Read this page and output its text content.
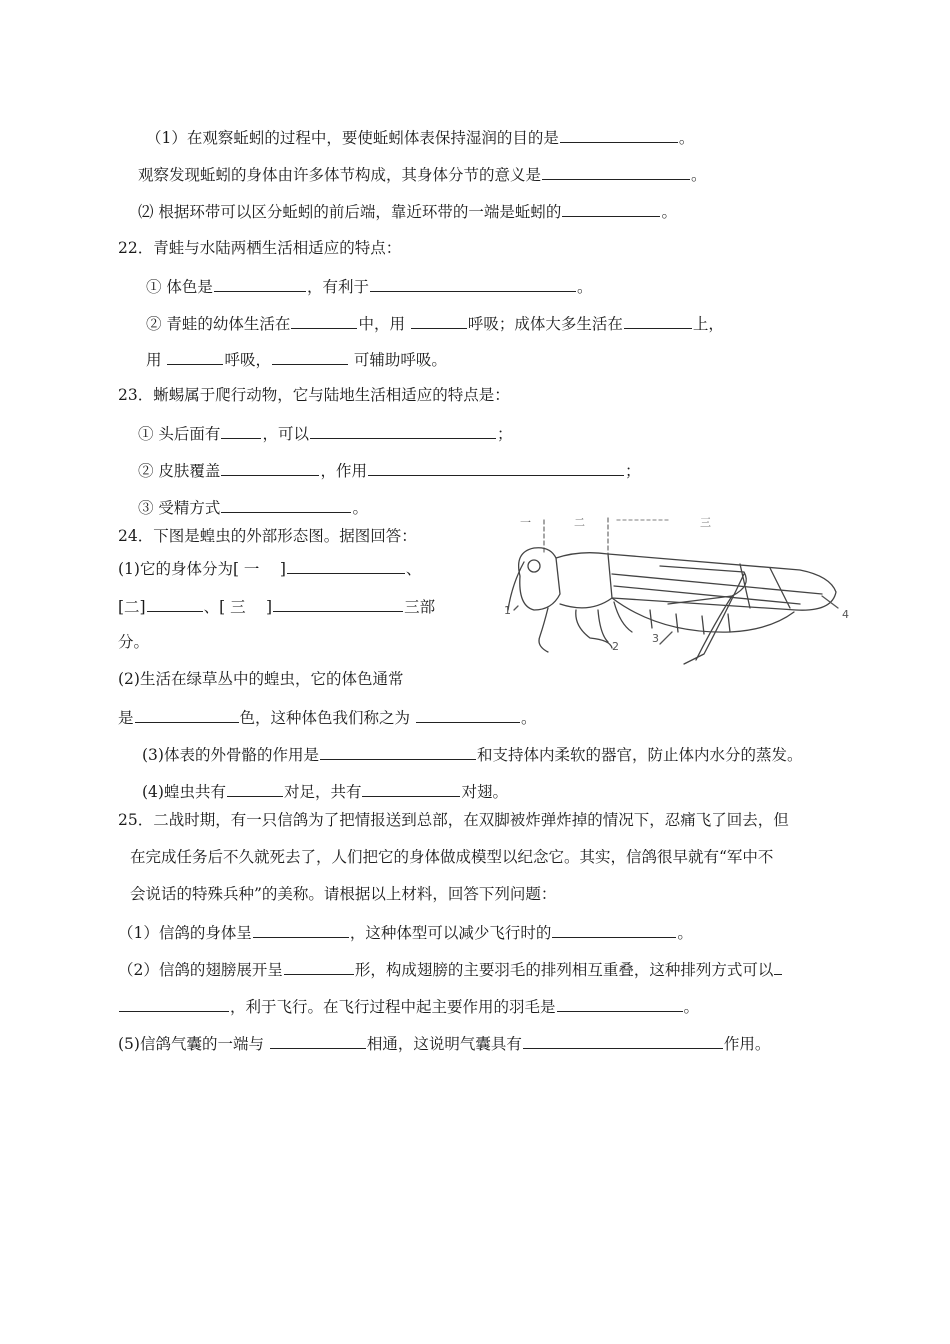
（1）在观察蚯蚓的过程中，要使蚯蚓体表保持湿润的目的是	。
观察发现蚯蚓的身体由许多体节构成，其身体分节的意义是	。
⑵ 根据环带可以区分蚯蚓的前后端，靠近环带的一端是蚯蚓的	。
22．青蛙与水陆两栖生活相适应的特点：
① 体色是	，有利于	。
② 青蛙的幼体生活在	中，用	呼吸；成体大多生活在	上，
用	呼吸，	可辅助呼吸。
23．蜥蜴属于爬行动物，它与陆地生活相适应的特点是：
① 头后面有	，可以	；
② 皮肤覆盖	，作用	；
③ 受精方式	。
24．下图是蝗虫的外部形态图。据图回答：
(1)它的身体分为[ 一　 ]	、
[二]	、[ 三　 ]	三部
分。
(2)生活在绿草丛中的蝗虫，它的体色通常
是	色，这种体色我们称之为	。
(3)体表的外骨骼的作用是	和支持体内柔软的器官，防止体内水分的蒸发。
(4)蝗虫共有	对足，共有	对翅。
一	二	三
1
2
3
4
25．二战时期，有一只信鸽为了把情报送到总部，在双脚被炸弹炸掉的情况下，忍痛飞了回去，但
在完成任务后不久就死去了，人们把它的身体做成模型以纪念它。其实，信鸽很早就有“军中不
会说话的特殊兵种”的美称。请根据以上材料，回答下列问题：
（1）信鸽的身体呈	，这种体型可以减少飞行时的	。
（2）信鸽的翅膀展开呈	形，构成翅膀的主要羽毛的排列相互重叠，这种排列方式可以
，利于飞行。在飞行过程中起主要作用的羽毛是	。
(5)信鸽气囊的一端与	相通，这说明气囊具有	作用。
